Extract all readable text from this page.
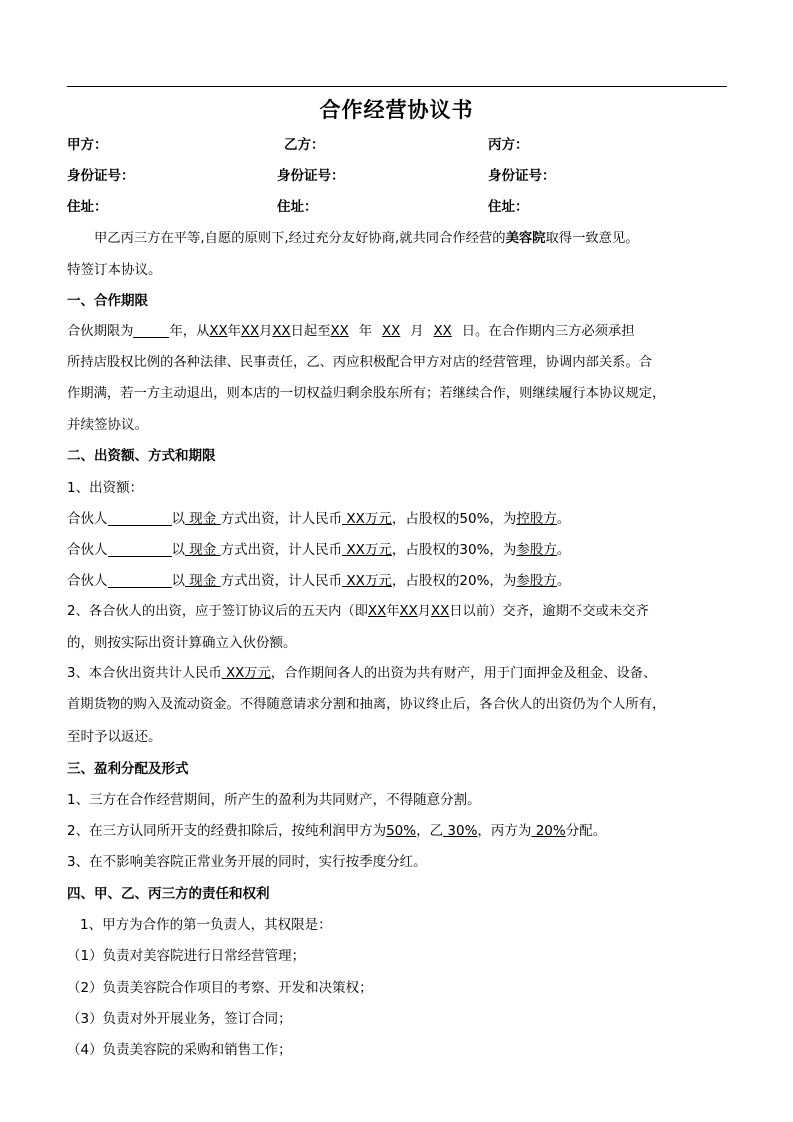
合作经营协议书
甲方：	乙方：	丙方：
身份证号：	身份证号：	身份证号：
住址：	住址：	住址：
甲乙丙三方在平等,自愿的原则下,经过充分友好协商,就共同合作经营的美容院取得一致意见。
特签订本协议。
一、合作期限
合伙期限为	年，从XX年XX月XX日起至XX 年 XX 月 XX 日。在合作期内三方必须承担
所持店股权比例的各种法律、民事责任，乙、丙应积极配合甲方对店的经营管理，协调内部关系。合
作期满，若一方主动退出，则本店的一切权益归剩余股东所有；若继续合作，则继续履行本协议规定，
并续签协议。
二、出资额、方式和期限
1、出资额：
合伙人	以 现金 方式出资，计人民币 XX万元，占股权的50%，为控股方。
合伙人	以 现金 方式出资，计人民币 XX万元，占股权的30%，为参股方。
合伙人	以 现金 方式出资，计人民币 XX万元，占股权的20%，为参股方。
2、各合伙人的出资，应于签订协议后的五天内（即XX年XX月XX日以前）交齐，逾期不交或未交齐
的，则按实际出资计算确立入伙份额。
3、本合伙出资共计人民币 XX万元，合作期间各人的出资为共有财产，用于门面押金及租金、设备、
首期货物的购入及流动资金。不得随意请求分割和抽离，协议终止后，各合伙人的出资仍为个人所有，
至时予以返还。
三、盈利分配及形式
1、三方在合作经营期间，所产生的盈利为共同财产，不得随意分割。
2、在三方认同所开支的经费扣除后，按纯利润甲方为50%，乙 30%，丙方为 20%分配。
3、在不影响美容院正常业务开展的同时，实行按季度分红。
四、甲、乙、丙三方的责任和权利
1、甲方为合作的第一负责人，其权限是：
（1）负责对美容院进行日常经营管理；
（2）负责美容院合作项目的考察、开发和决策权；
（3）负责对外开展业务，签订合同；
（4）负责美容院的采购和销售工作；
